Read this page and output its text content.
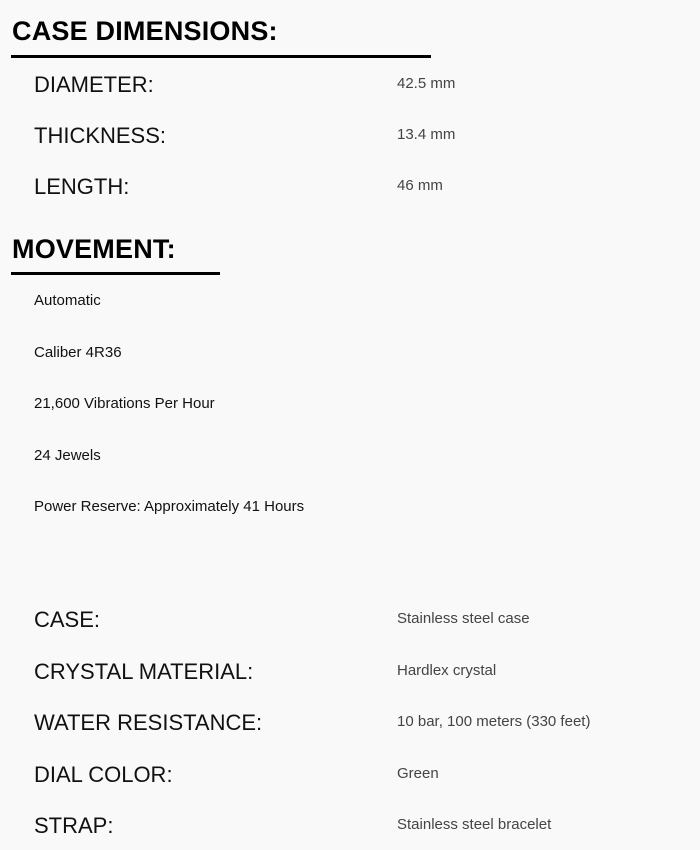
CASE DIMENSIONS:
DIAMETER:	42.5 mm
THICKNESS:	13.4 mm
LENGTH:	46 mm
MOVEMENT:
Automatic
Caliber 4R36
21,600 Vibrations Per Hour
24 Jewels
Power Reserve: Approximately 41 Hours
CASE:	Stainless steel case
CRYSTAL MATERIAL:	Hardlex crystal
WATER RESISTANCE:	10 bar, 100 meters (330 feet)
DIAL COLOR:	Green
STRAP:	Stainless steel bracelet
